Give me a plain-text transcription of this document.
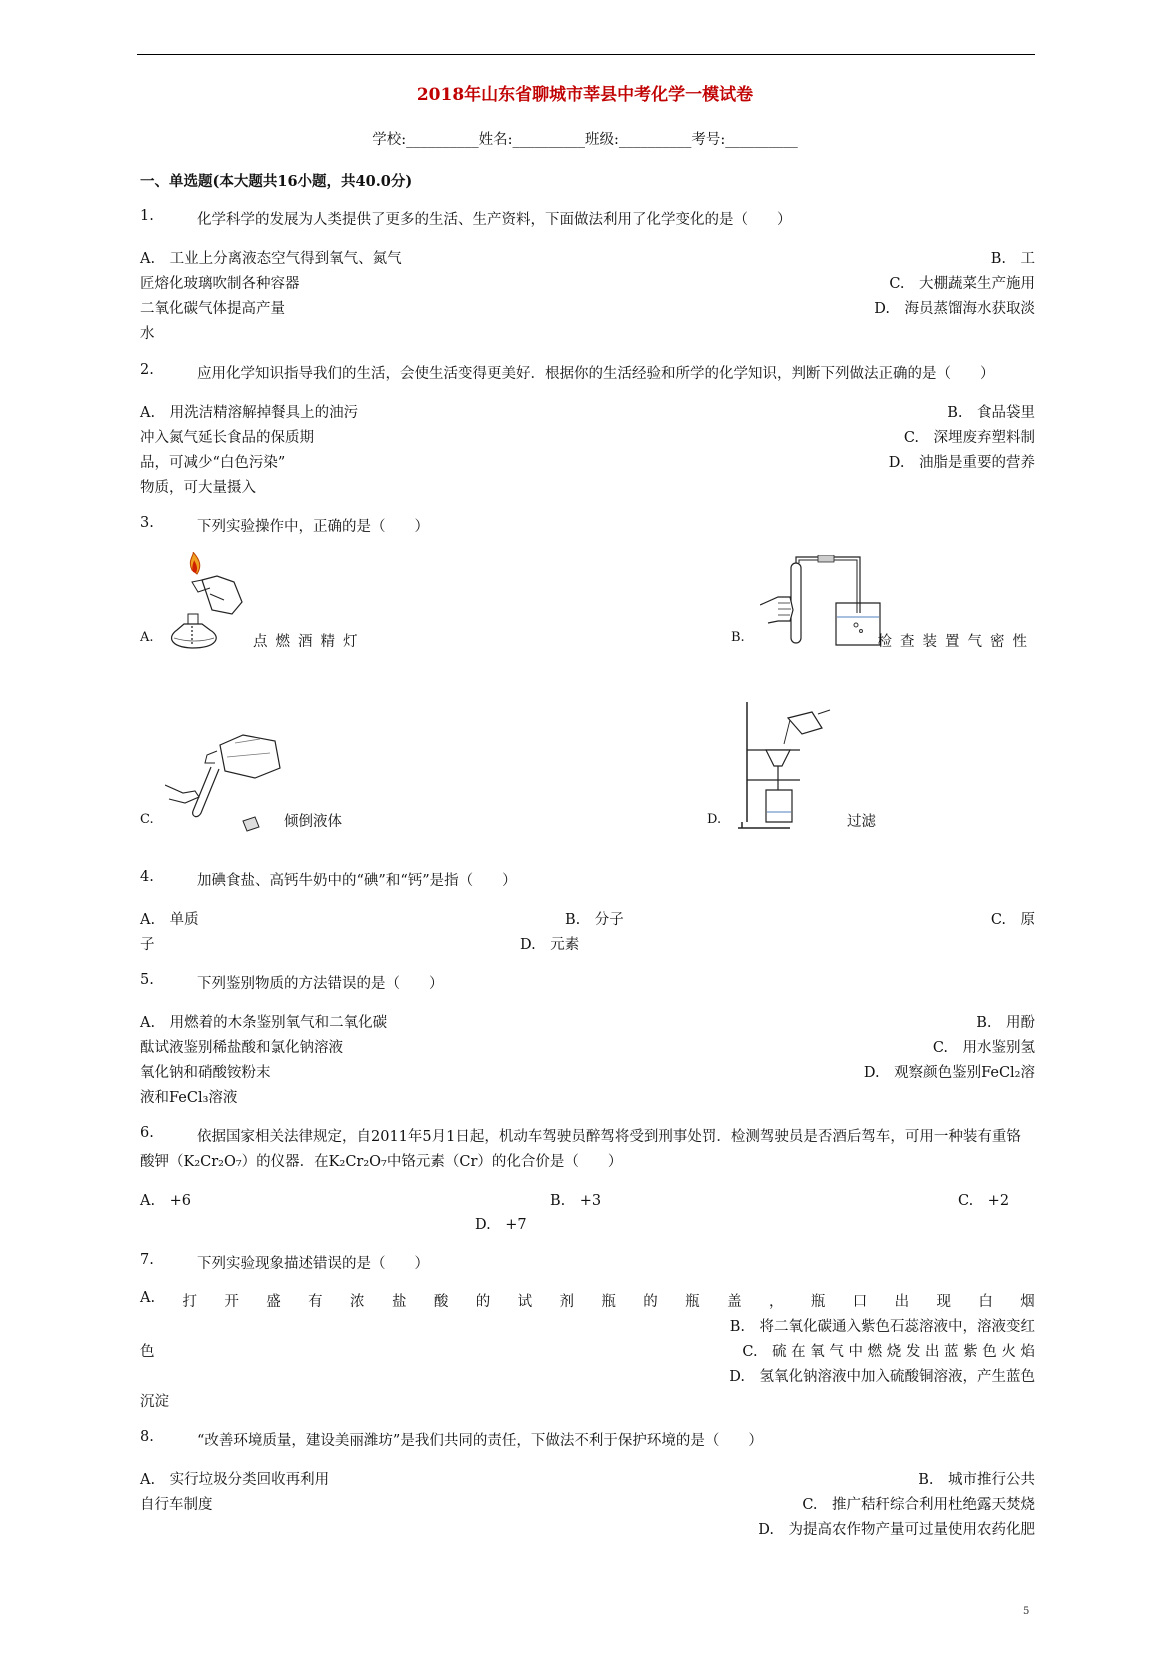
2018年山东省聊城市莘县中考化学一模试卷
学校:__________姓名:__________班级:__________考号:__________
一、单选题(本大题共16小题，共40.0分)
1.	化学科学的发展为人类提供了更多的生活、生产资料，下面做法利用了化学变化的是（　　）
A.　工业上分离液态空气得到氧气、氮气	B.　工
匠熔化玻璃吹制各种容器	C.　大棚蔬菜生产施用
二氧化碳气体提高产量	D.　海员蒸馏海水获取淡
水
2.	应用化学知识指导我们的生活，会使生活变得更美好．根据你的生活经验和所学的化学知识，判断下列做法正确的是（　　）
A.　用洗洁精溶解掉餐具上的油污	B.　食品袋里
冲入氮气延长食品的保质期	C.　深埋废弃塑料制
品，可减少“白色污染”	D.　油脂是重要的营养
物质，可大量摄入
3.	下列实验操作中，正确的是（　　）
A.	点燃酒精灯	B.	检查装置气密性
C.	倾倒液体	D.	过滤
4.	加碘食盐、高钙牛奶中的“碘”和“钙”是指（　　）
A.　单质	B.　分子	C.　原
子	D.　元素
5.	下列鉴别物质的方法错误的是（　　）
A.　用燃着的木条鉴别氧气和二氧化碳	B.　用酚
酞试液鉴别稀盐酸和氯化钠溶液	C.　用水鉴别氢
氧化钠和硝酸铵粉末	D.　观察颜色鉴别FeCl₂溶
液和FeCl₃溶液
6.	依据国家相关法律规定，自2011年5月1日起，机动车驾驶员醉驾将受到刑事处罚．检测驾驶员是否酒后驾车，可用一种装有重铬
酸钾（K₂Cr₂O₇）的仪器．在K₂Cr₂O₇中铬元素（Cr）的化合价是（　　）
A.　+6	B.　+3	C.　+2
D.　+7
7.	下列实验现象描述错误的是（　　）
A. 打 开 盛 有 浓 盐 酸 的 试 剂 瓶 的 瓶 盖 ， 瓶 口 出 现 白 烟
B.　将二氧化碳通入紫色石蕊溶液中，溶液变红
色	C.　硫 在 氧 气 中 燃 烧 发 出 蓝 紫 色 火 焰
D.　氢氧化钠溶液中加入硫酸铜溶液，产生蓝色
沉淀
8.	“改善环境质量，建设美丽潍坊”是我们共同的责任，下做法不利于保护环境的是（　　）
A.　实行垃圾分类回收再利用	B.　城市推行公共
自行车制度	C.　推广秸秆综合利用杜绝露天焚烧
D.　为提高农作物产量可过量使用农药化肥
5
